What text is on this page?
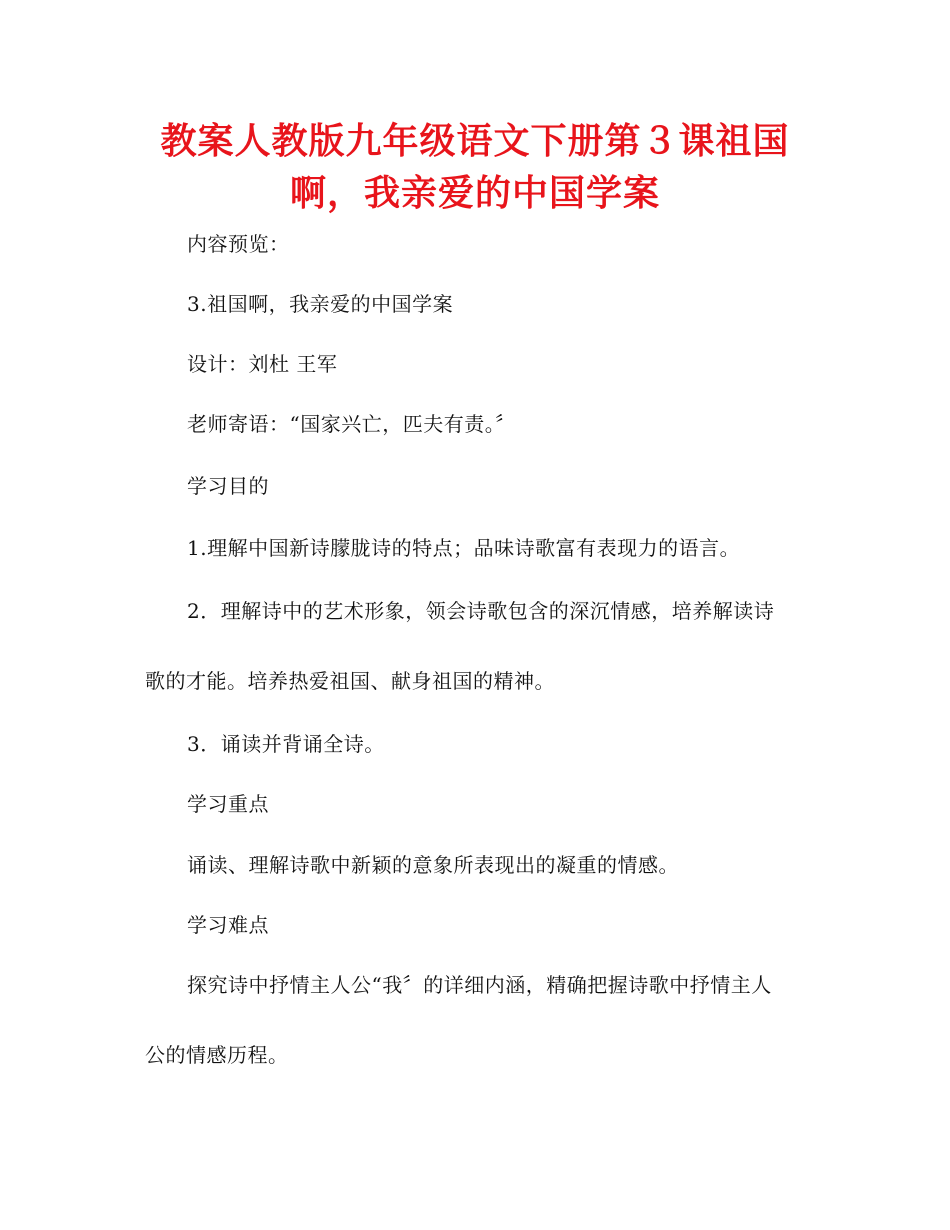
教案人教版九年级语文下册第３课祖国
啊，我亲爱的中国学案

内容预览：

3.祖国啊，我亲爱的中国学案

设计：刘杜 王军

老师寄语：“国家兴亡，匹夫有责。〞

学习目的

1.理解中国新诗朦胧诗的特点；品味诗歌富有表现力的语言。

2．理解诗中的艺术形象，领会诗歌包含的深沉情感，培养解读诗

歌的才能。培养热爱祖国、献身祖国的精神。

3．诵读并背诵全诗。

学习重点

诵读、理解诗歌中新颖的意象所表现出的凝重的情感。

学习难点

探究诗中抒情主人公“我〞的详细内涵，精确把握诗歌中抒情主人

公的情感历程。
